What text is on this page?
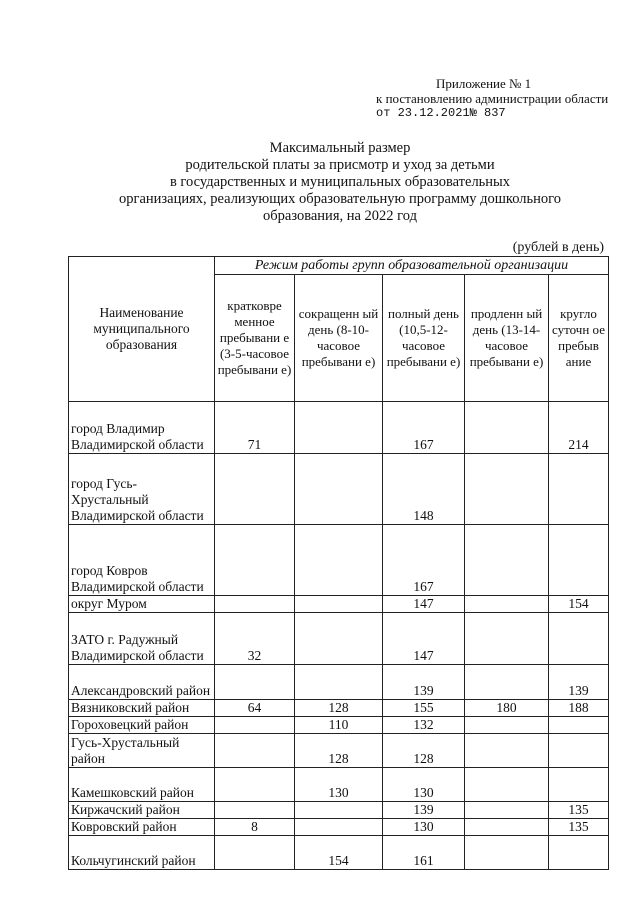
Приложение № 1
к постановлению администрации области
от 23.12.2021№ 837
Максимальный размер
родительской платы за присмотр и уход за детьми
в государственных и муниципальных образовательных
организациях, реализующих образовательную программу дошкольного
образования, на 2022 год
(рублей в день)
Наименование муниципального образования	Режим работы групп образовательной организации				
	кратковре менное пребывани е (3-5-часовое пребывани е)	сокращенн ый день (8-10-часовое пребывани е)	полный день (10,5-12-часовое пребывани е)	продленн ый день (13-14-часовое пребывани е)	кругло суточн ое пребыв ание
город Владимир Владимирской области	71		167		214
город Гусь-Хрустальный Владимирской области			148		
город Ковров Владимирской области			167		
округ Муром			147		154
ЗАТО г. Радужный Владимирской области	32		147		
Александровский район			139		139
Вязниковский район	64	128	155	180	188
Гороховецкий район		110	132		
Гусь-Хрустальный район		128	128		
Камешковский район		130	130		
Киржачский район			139		135
Ковровский район	8		130		135
Кольчугинский район		154	161		
